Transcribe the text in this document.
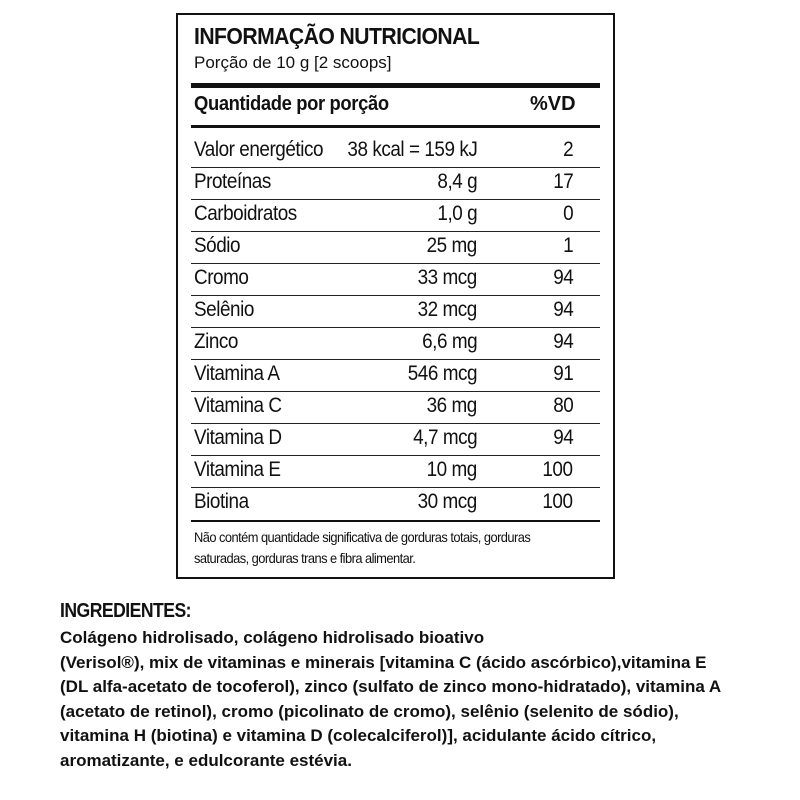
INFORMAÇÃO NUTRICIONAL
Porção de 10 g [2 scoops]
Quantidade por porção	%VD
Valor energético 38 kcal = 159 kJ	2
Proteínas	8,4 g	17
Carboidratos	1,0 g	0
Sódio	25 mg	1
Cromo	33 mcg	94
Selênio	32 mcg	94
Zinco	6,6 mg	94
Vitamina A	546 mcg	91
Vitamina C	36 mg	80
Vitamina D	4,7 mcg	94
Vitamina E	10 mg	100
Biotina	30 mcg	100
Não contém quantidade significativa de gorduras totais, gorduras saturadas, gorduras trans e fibra alimentar.
INGREDIENTES:
Colágeno hidrolisado, colágeno hidrolisado bioativo
(Verisol®), mix de vitaminas e minerais [vitamina C (ácido ascórbico),vitamina E
(DL alfa-acetato de tocoferol), zinco (sulfato de zinco mono-hidratado), vitamina A
(acetato de retinol), cromo (picolinato de cromo), selênio (selenito de sódio),
vitamina H (biotina) e vitamina D (colecalciferol)], acidulante ácido cítrico,
aromatizante, e edulcorante estévia.
